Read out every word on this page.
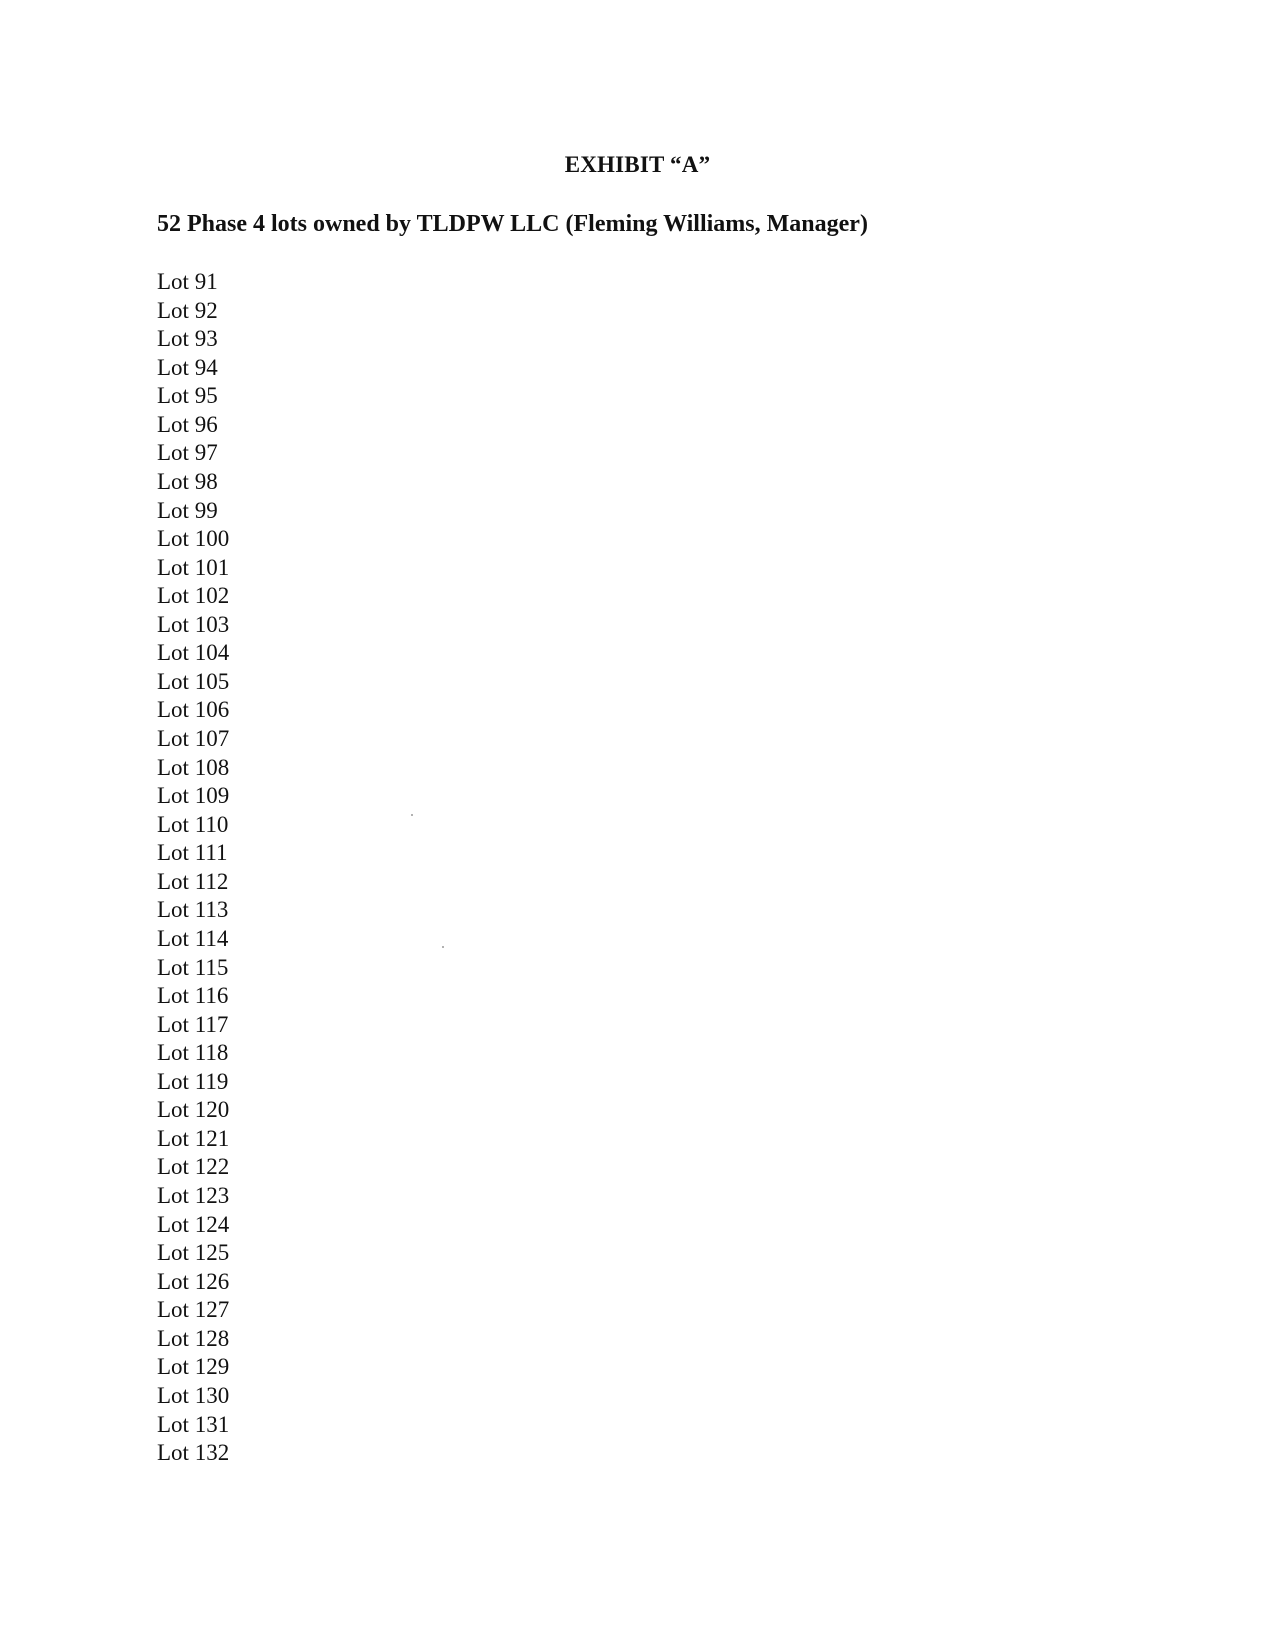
EXHIBIT “A”
52 Phase 4 lots owned by TLDPW LLC (Fleming Williams, Manager)
Lot 91
Lot 92
Lot 93
Lot 94
Lot 95
Lot 96
Lot 97
Lot 98
Lot 99
Lot 100
Lot 101
Lot 102
Lot 103
Lot 104
Lot 105
Lot 106
Lot 107
Lot 108
Lot 109
Lot 110
Lot 111
Lot 112
Lot 113
Lot 114
Lot 115
Lot 116
Lot 117
Lot 118
Lot 119
Lot 120
Lot 121
Lot 122
Lot 123
Lot 124
Lot 125
Lot 126
Lot 127
Lot 128
Lot 129
Lot 130
Lot 131
Lot 132
